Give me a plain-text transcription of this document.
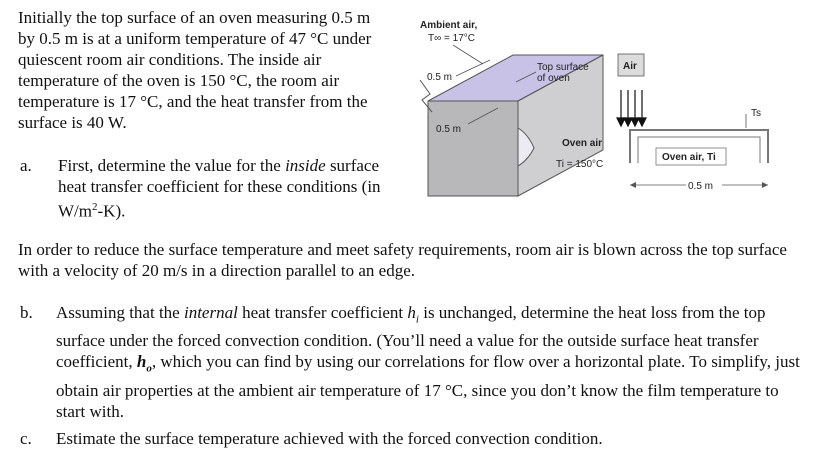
Initially the top surface of an oven measuring 0.5 m by 0.5 m is at a uniform temperature of 47 °C under quiescent room air conditions. The inside air temperature of the oven is 150 °C, the room air temperature is 17 °C, and the heat transfer from the surface is 40 W.
a. First, determine the value for the inside surface heat transfer coefficient for these conditions (in $W/m^2-K$).
In order to reduce the surface temperature and meet safety requirements, room air is blown across the top surface with a velocity of 20 m/s in a direction parallel to an edge.
b. Assuming that the internal heat transfer coefficient $h_i$ is unchanged, determine the heat loss from the top surface under the forced convection condition. (You’ll need a value for the outside surface heat transfer coefficient, $h_o$, which you can find by using our correlations for flow over a horizontal plate. To simplify, just obtain air properties at the ambient air temperature of 17 °C, since you don’t know the film temperature to start with.
c. Estimate the surface temperature achieved with the forced convection condition.
Ambient air,
T∞ = 17°C
0.5 m
0.5 m
Top surface
of oven
Oven air
Ti = 150°C
Air
Oven air, Ti
Ts
0.5 m
